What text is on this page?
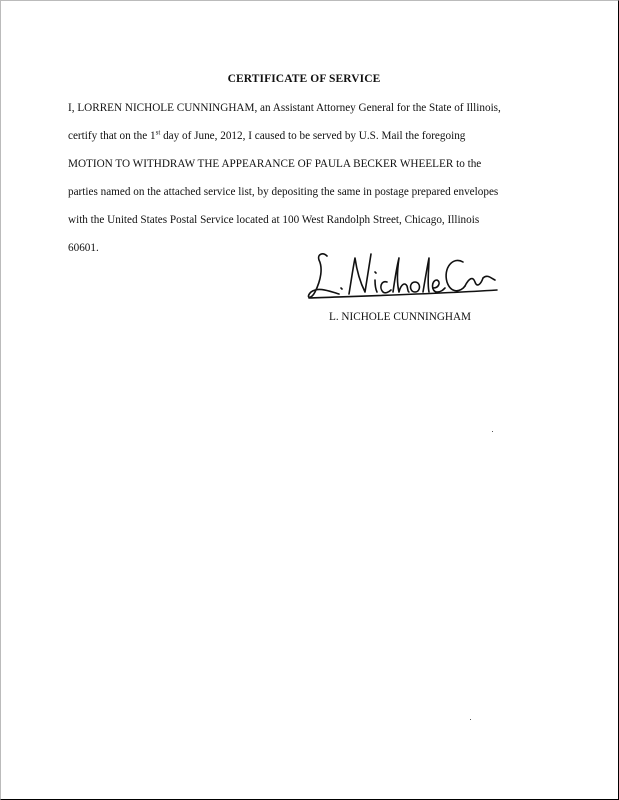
CERTIFICATE OF SERVICE
I, LORREN NICHOLE CUNNINGHAM, an Assistant Attorney General for the State of Illinois,
certify that on the 1st day of June, 2012, I caused to be served by U.S. Mail the foregoing
MOTION TO WITHDRAW THE APPEARANCE OF PAULA BECKER WHEELER to the
parties named on the attached service list, by depositing the same in postage prepared envelopes
with the United States Postal Service located at 100 West Randolph Street, Chicago, Illinois
60601.
L. NICHOLE CUNNINGHAM
